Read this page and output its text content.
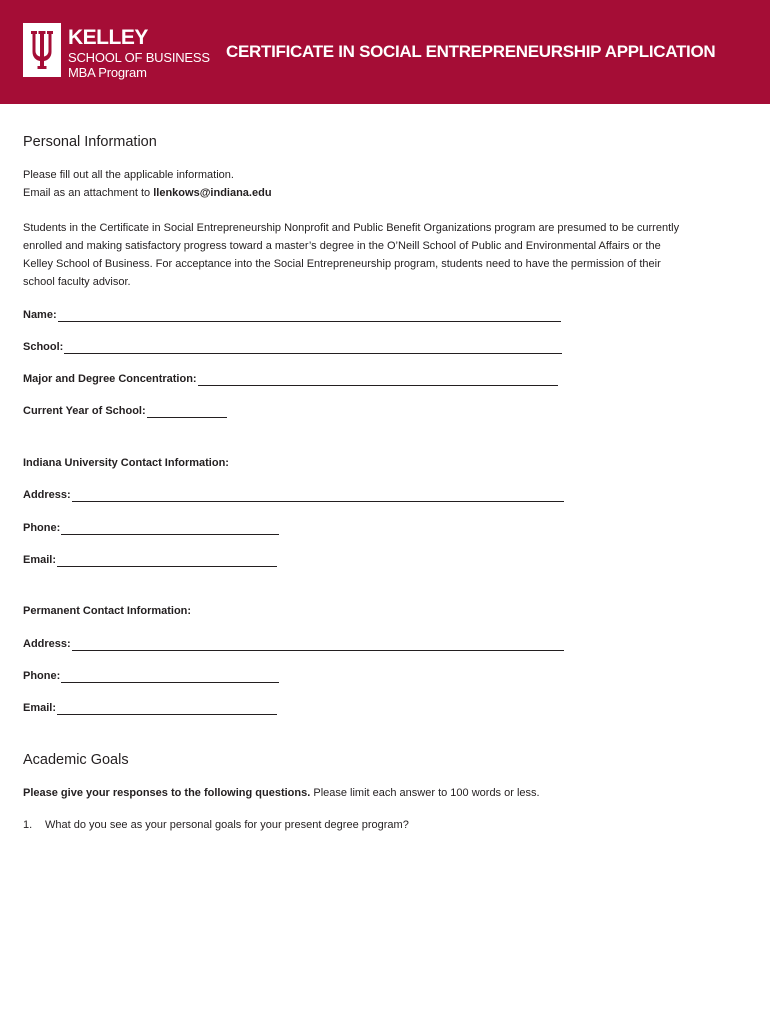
KELLEY
SCHOOL OF BUSINESS
MBA Program
CERTIFICATE IN SOCIAL ENTREPRENEURSHIP APPLICATION
Personal Information
Please fill out all the applicable information.
Email as an attachment to llenkows@indiana.edu
Students in the Certificate in Social Entrepreneurship Nonprofit and Public Benefit Organizations program are presumed to be currently
enrolled and making satisfactory progress toward a master’s degree in the O’Neill School of Public and Environmental Affairs or the
Kelley School of Business. For acceptance into the Social Entrepreneurship program, students need to have the permission of their
school faculty advisor.
Name:
School:
Major and Degree Concentration:
Current Year of School:
Indiana University Contact Information:
Address:
Phone:
Email:
Permanent Contact Information:
Address:
Phone:
Email:
Academic Goals
Please give your responses to the following questions. Please limit each answer to 100 words or less.
1.	What do you see as your personal goals for your present degree program?
